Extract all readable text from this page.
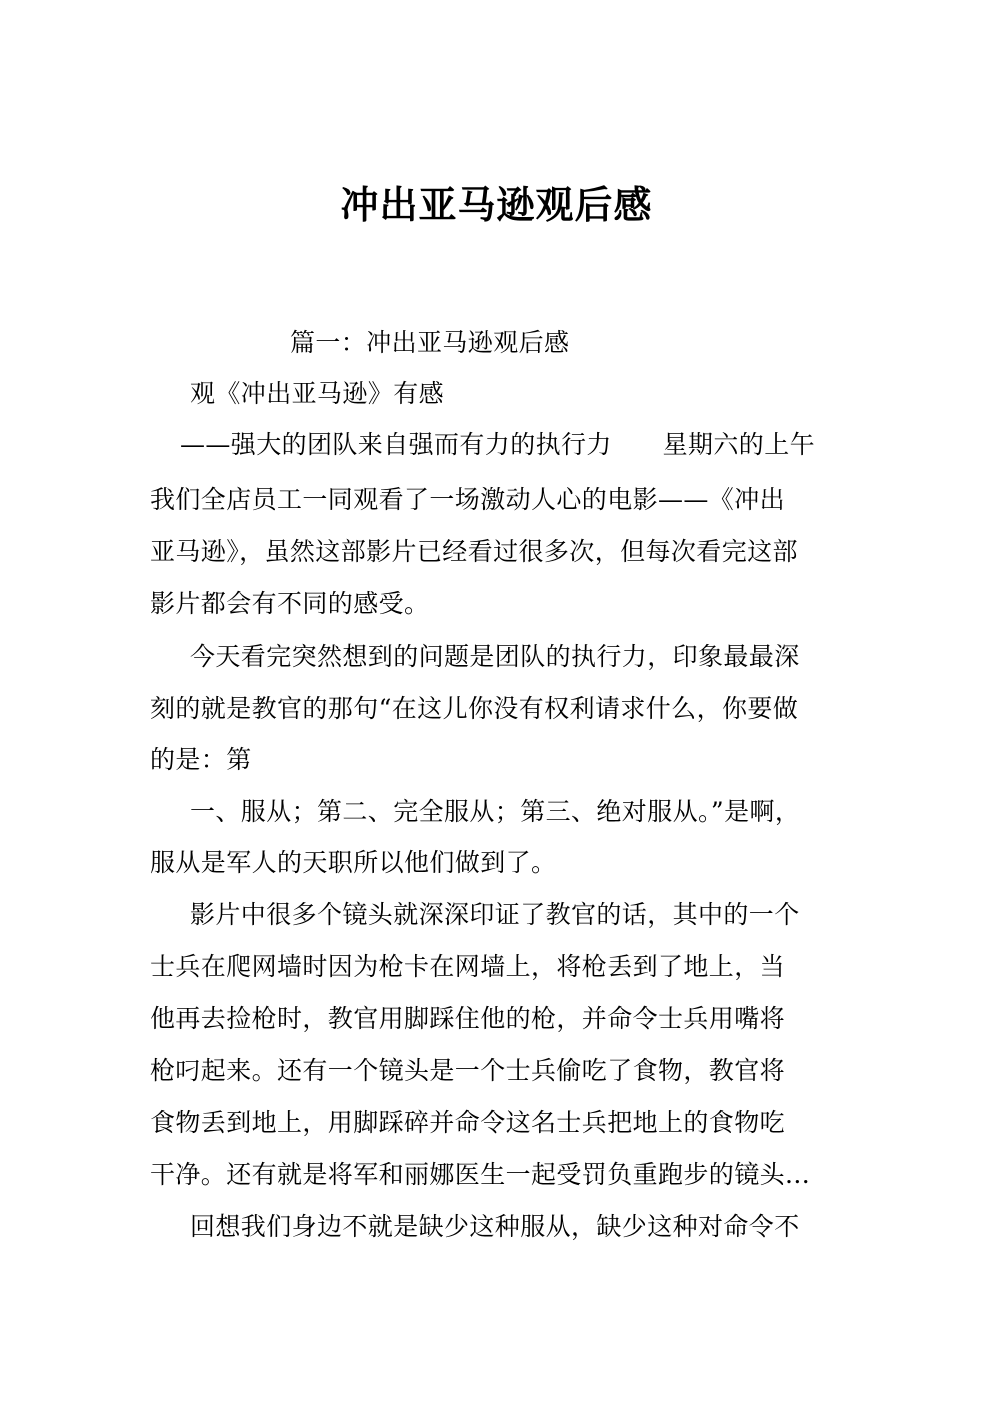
冲出亚马逊观后感
篇一：冲出亚马逊观后感
观《冲出亚马逊》有感
——强大的团队来自强而有力的执行力　　星期六的上午
我们全店员工一同观看了一场激动人心的电影——《冲出
亚马逊》，虽然这部影片已经看过很多次，但每次看完这部
影片都会有不同的感受。
今天看完突然想到的问题是团队的执行力，印象最最深
刻的就是教官的那句“在这儿你没有权利请求什么，你要做
的是：第
一、服从；第二、完全服从；第三、绝对服从。”是啊，
服从是军人的天职所以他们做到了。
影片中很多个镜头就深深印证了教官的话，其中的一个
士兵在爬网墙时因为枪卡在网墙上，将枪丢到了地上，当
他再去捡枪时，教官用脚踩住他的枪，并命令士兵用嘴将
枪叼起来。还有一个镜头是一个士兵偷吃了食物，教官将
食物丢到地上，用脚踩碎并命令这名士兵把地上的食物吃
干净。还有就是将军和丽娜医生一起受罚负重跑步的镜头...
回想我们身边不就是缺少这种服从，缺少这种对命令不
